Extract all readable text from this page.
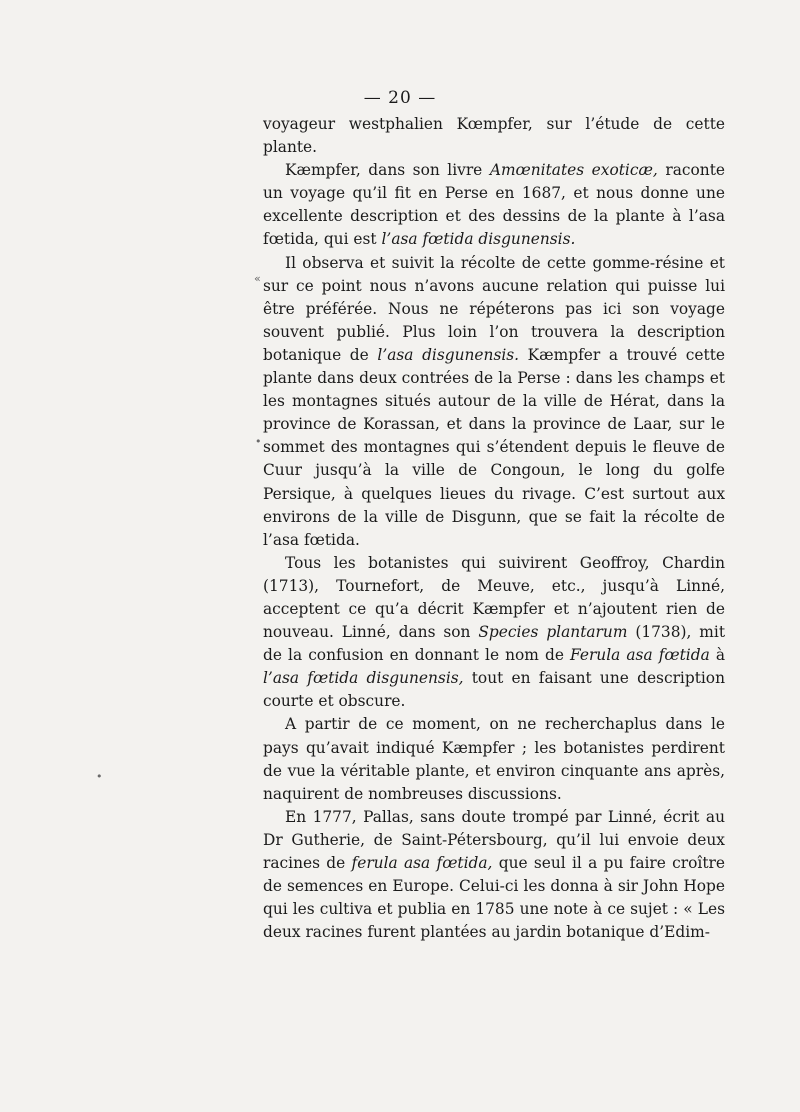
— 20 —

voyageur westphalien Kœmpfer, sur l’étude de cette plante.

Kæmpfer, dans son livre Amœnitates exoticæ, raconte un voyage qu’il fit en Perse en 1687, et nous donne une excellente description et des dessins de la plante à l’asa fœtida, qui est l’asa fœtida disgunensis.

Il observa et suivit la récolte de cette gomme-résine et sur ce point nous n’avons aucune relation qui puisse lui être préférée. Nous ne répéterons pas ici son voyage souvent publié. Plus loin l’on trouvera la description botanique de l’asa disgunensis. Kæmpfer a trouvé cette plante dans deux contrées de la Perse : dans les champs et les montagnes situés autour de la ville de Hérat, dans la province de Korassan, et dans la province de Laar, sur le sommet des montagnes qui s’étendent depuis le fleuve de Cuur jusqu’à la ville de Congoun, le long du golfe Persique, à quelques lieues du rivage. C’est surtout aux environs de la ville de Disgunn, que se fait la récolte de l’asa fœtida.

Tous les botanistes qui suivirent Geoffroy, Chardin (1713), Tournefort, de Meuve, etc., jusqu’à Linné, acceptent ce qu’a décrit Kæmpfer et n’ajoutent rien de nouveau. Linné, dans son Species plantarum (1738), mit de la confusion en donnant le nom de Ferula asa fœtida à l’asa fœtida disgunensis, tout en faisant une description courte et obscure.

A partir de ce moment, on ne recherchaplus dans le pays qu’avait indiqué Kæmpfer ; les botanistes perdirent de vue la véritable plante, et environ cinquante ans après, naquirent de nombreuses discussions.

En 1777, Pallas, sans doute trompé par Linné, écrit au Dr Gutherie, de Saint-Pétersbourg, qu’il lui envoie deux racines de ferula asa fœtida, que seul il a pu faire croître de semences en Europe. Celui-ci les donna à sir John Hope qui les cultiva et publia en 1785 une note à ce sujet : « Les deux racines furent plantées au jardin botanique d’Edim-

«
•
•
